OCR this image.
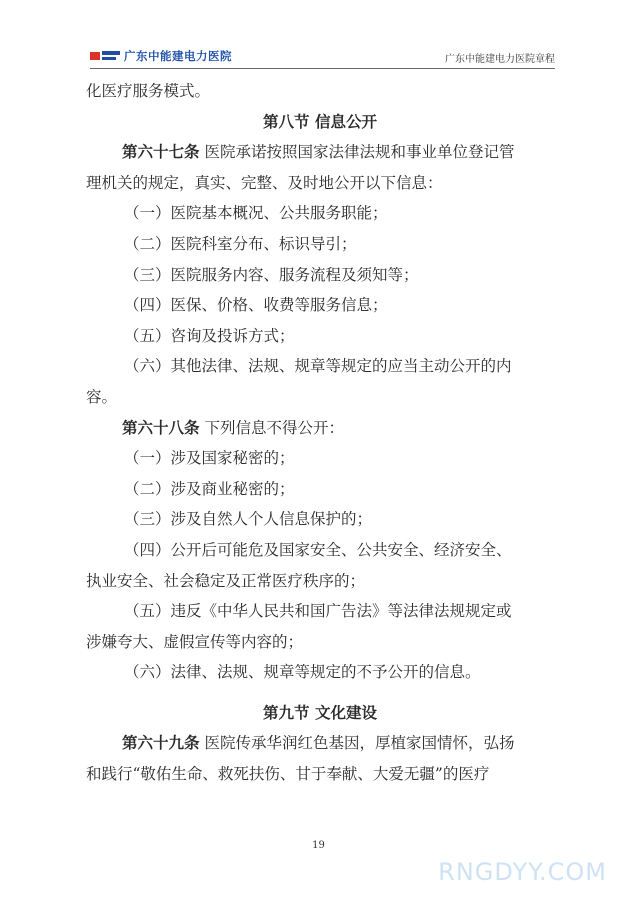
广东中能建电力医院	广东中能建电力医院章程
化医疗服务模式。
第八节 信息公开
第六十七条 医院承诺按照国家法律法规和事业单位登记管
理机关的规定，真实、完整、及时地公开以下信息：
（一）医院基本概况、公共服务职能；
（二）医院科室分布、标识导引；
（三）医院服务内容、服务流程及须知等；
（四）医保、价格、收费等服务信息；
（五）咨询及投诉方式；
（六）其他法律、法规、规章等规定的应当主动公开的内
容。
第六十八条 下列信息不得公开：
（一）涉及国家秘密的；
（二）涉及商业秘密的；
（三）涉及自然人个人信息保护的；
（四）公开后可能危及国家安全、公共安全、经济安全、
执业安全、社会稳定及正常医疗秩序的；
（五）违反《中华人民共和国广告法》等法律法规规定或
涉嫌夸大、虚假宣传等内容的；
（六）法律、法规、规章等规定的不予公开的信息。
第九节 文化建设
第六十九条 医院传承华润红色基因，厚植家国情怀，弘扬
和践行“敬佑生命、救死扶伤、甘于奉献、大爱无疆”的医疗
19
RNGDYY.COM
